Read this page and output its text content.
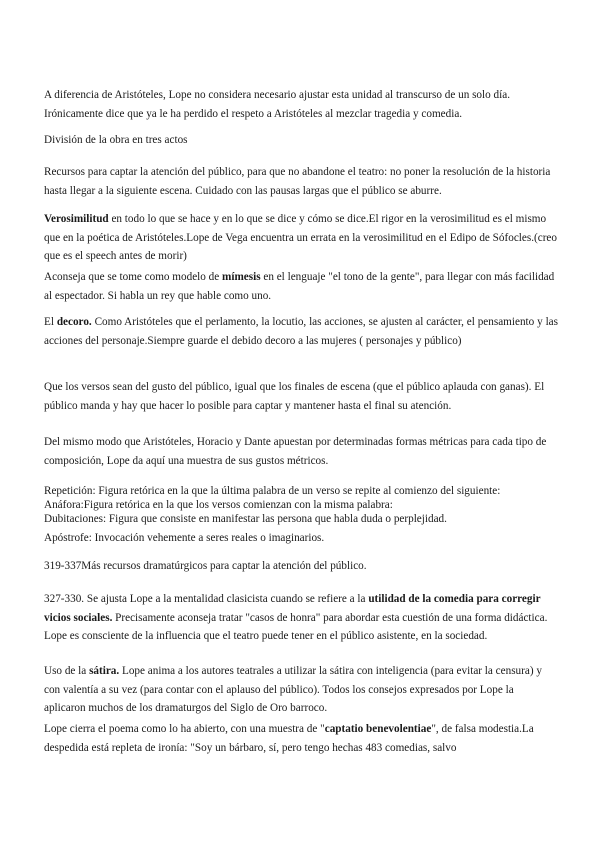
A diferencia de Aristóteles, Lope no considera necesario ajustar esta unidad al transcurso de un solo día. Irónicamente dice que ya le ha perdido el respeto a Aristóteles al mezclar tragedia y comedia.

División de la obra en tres actos

Recursos para captar la atención del público, para que no abandone el teatro: no poner la resolución de la historia hasta llegar a la siguiente escena. Cuidado con las pausas largas que el público se aburre.

Verosimilitud en todo lo que se hace y en lo que se dice y cómo se dice.El rigor en la verosimilitud es el mismo que en la poética de Aristóteles.Lope de Vega encuentra un errata en la verosimilitud en el Edipo de Sófocles.(creo que es el speech antes de morir)

Aconseja que se tome como modelo de mímesis en el lenguaje "el tono de la gente", para llegar con más facilidad al espectador. Si habla un rey que hable como uno.

El decoro. Como Aristóteles que el perlamento, la locutio, las acciones, se ajusten al carácter, el pensamiento y las acciones del personaje.Siempre guarde el debido decoro a las mujeres ( personajes y público)

Que los versos sean del gusto del público, igual que los finales de escena (que el público aplauda con ganas). El público manda y hay que hacer lo posible para captar y mantener hasta el final su atención.

Del mismo modo que Aristóteles, Horacio y Dante apuestan por determinadas formas métricas para cada tipo de composición, Lope da aquí una muestra de sus gustos métricos.

Repetición: Figura retórica en la que la última palabra de un verso se repite al comienzo del siguiente:
Anáfora:Figura retórica en la que los versos comienzan con la misma palabra:
Dubitaciones: Figura que consiste en manifestar las persona que habla duda o perplejidad.

Apóstrofe: Invocación vehemente a seres reales o imaginarios.

319-337Más recursos dramatúrgicos para captar la atención del público.

327-330. Se ajusta Lope a la mentalidad clasicista cuando se refiere a la utilidad de la comedia para corregir vicios sociales. Precisamente aconseja tratar "casos de honra" para abordar esta cuestión de una forma didáctica. Lope es consciente de la influencia que el teatro puede tener en el público asistente, en la sociedad.

Uso de la sátira. Lope anima a los autores teatrales a utilizar la sátira con inteligencia (para evitar la censura) y con valentía a su vez (para contar con el aplauso del público). Todos los consejos expresados por Lope la aplicaron muchos de los dramaturgos del Siglo de Oro barroco.

Lope cierra el poema como lo ha abierto, con una muestra de "captatio benevolentiae", de falsa modestia.La despedida está repleta de ironía: "Soy un bárbaro, sí, pero tengo hechas 483 comedias, salvo
